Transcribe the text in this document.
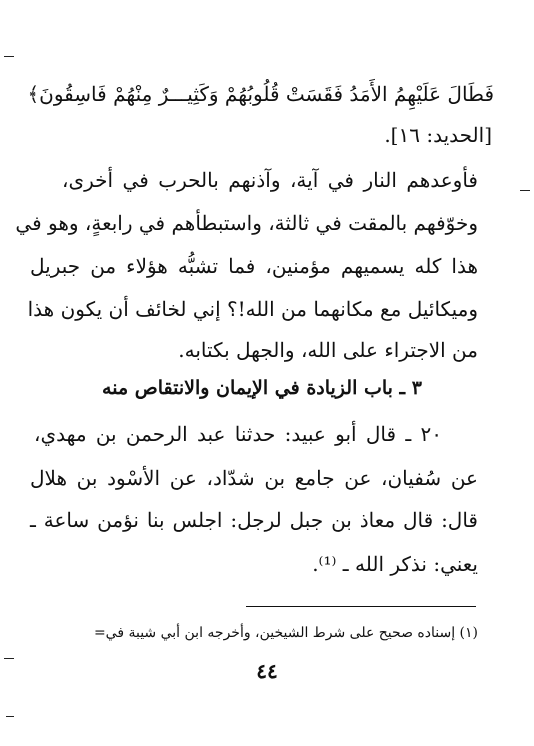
فَطَالَ عَلَيْهِمُ الأَمَدُ فَقَسَتْ قُلُوبُهُمْ وَكَثِيـــرٌ مِنْهُمْ فَاسِقُونَ﴾
[الحديد: ١٦].
فأوعدهم النار في آية، وآذنهم بالحرب في أخرى،
وخوّفهم بالمقت في ثالثة، واستبطأهم في رابعةٍ، وهو في
هذا كله يسميهم مؤمنين، فما تشبُّه هؤلاء من جبريل
وميكائيل مع مكانهما من الله!؟ إني لخائف أن يكون هذا
من الاجتراء على الله، والجهل بكتابه.
٣ ـ باب الزيادة في الإيمان والانتقاص منه
٢٠ ـ قال أبو عبيد: حدثنا عبد الرحمن بن مهدي،
عن سُفيان، عن جامع بن شدّاد، عن الأسْود بن هلال
قال: قال معاذ بن جبل لرجل: اجلس بنا نؤمن ساعة ـ
يعني: نذكر الله ـ ⁽¹⁾.
(١) إسناده صحيح على شرط الشيخين، وأخرجه ابن أبي شيبة في=
٤٤
